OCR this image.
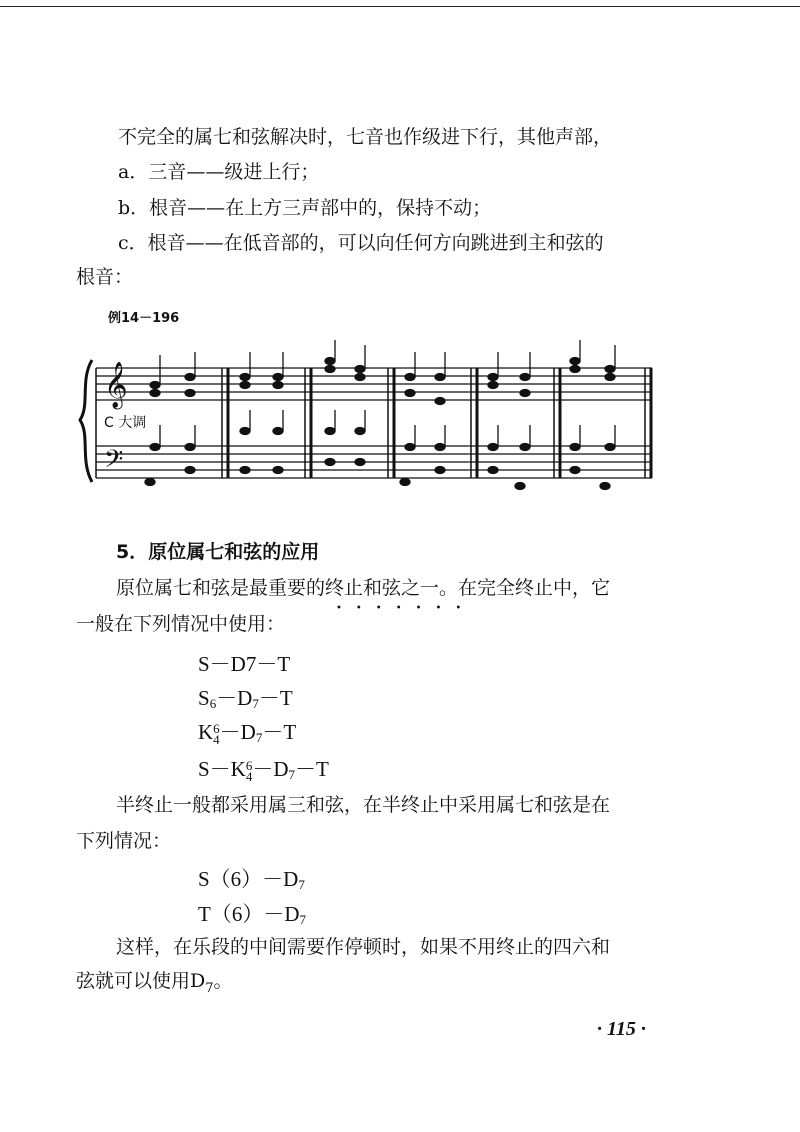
不完全的属七和弦解决时，七音也作级进下行，其他声部，
a．三音——级进上行；
b．根音——在上方三声部中的，保持不动；
c．根音——在低音部的，可以向任何方向跳进到主和弦的
根音：
例14－196
𝄞
𝄢
C 大调
5．原位属七和弦的应用
原位属七和弦是最重要的终止和弦之一。在完全终止中，它
•••••••
一般在下列情况中使用：
S－D7－T
$S_6-D_7-T$
K 6
$4 -D_7-T$
S－K 6
$4 -D_7-T$
半终止一般都采用属三和弦，在半终止中采用属七和弦是在
下列情况：
$S(6)-D_7$
$T(6)-D_7$
这样，在乐段的中间需要作停顿时，如果不用终止的四六和
弦就可以使用$D_7$。
· 115 ·
